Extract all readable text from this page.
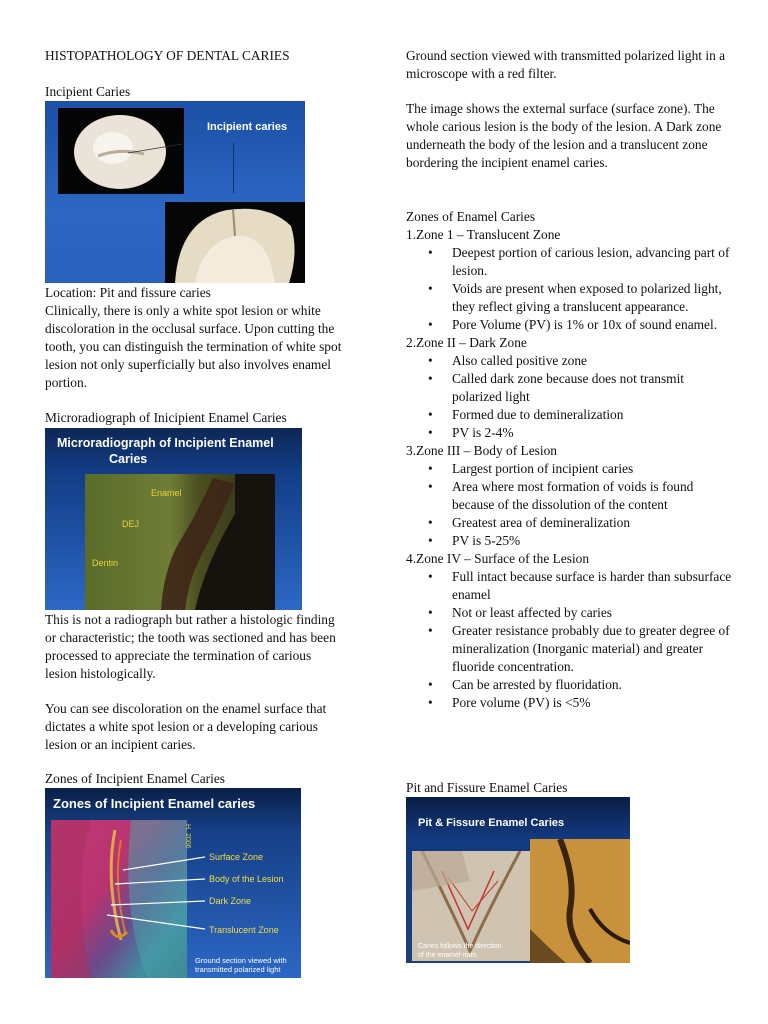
HISTOPATHOLOGY OF DENTAL CARIES
Incipient Caries
Incipient caries
Location: Pit and fissure caries
Clinically, there is only a white spot lesion or white discoloration in the occlusal surface. Upon cutting the tooth, you can distinguish the termination of white spot lesion not only superficially but also involves enamel portion.
Microradiograph of Inicipient Enamel Caries
Microradiograph of Incipient Enamel
Caries
Enamel
DEJ
Dentin
This is not a radiograph but rather a histologic finding or characteristic; the tooth was sectioned and has been processed to appreciate the termination of carious lesion histologically.
You can see discoloration on the enamel surface that dictates a white spot lesion or a developing carious lesion or an incipient caries.
Zones of Incipient Enamel Caries
Zones of Incipient Enamel caries
H. 2006
Surface Zone
Body of the Lesion
Dark Zone
Translucent Zone
Ground section viewed with
transmitted polarized light
Ground section viewed with transmitted polarized light in a microscope with a red filter.
The image shows the external surface (surface zone). The whole carious lesion is the body of the lesion. A Dark zone underneath the body of the lesion and a translucent zone bordering the incipient enamel caries.
Zones of Enamel Caries
1.Zone 1 – Translucent Zone
• Deepest portion of carious lesion, advancing part of lesion.
• Voids are present when exposed to polarized light, they reflect giving a translucent appearance.
• Pore Volume (PV) is 1% or 10x of sound enamel.
2.Zone II – Dark Zone
• Also called positive zone
• Called dark zone because does not transmit polarized light
• Formed due to demineralization
• PV is 2-4%
3.Zone III – Body of Lesion
• Largest portion of incipient caries
• Area where most formation of voids is found because of the dissolution of the content
• Greatest area of demineralization
• PV is 5-25%
4.Zone IV – Surface of the Lesion
• Full intact because surface is harder than subsurface enamel
• Not or least affected by caries
• Greater resistance probably due to greater degree of mineralization (Inorganic material) and greater fluoride concentration.
• Can be arrested by fluoridation.
• Pore volume (PV) is <5%
Pit and Fissure Enamel Caries
Pit & Fissure Enamel Caries
Caries follows the direction
of the enamel rods.
